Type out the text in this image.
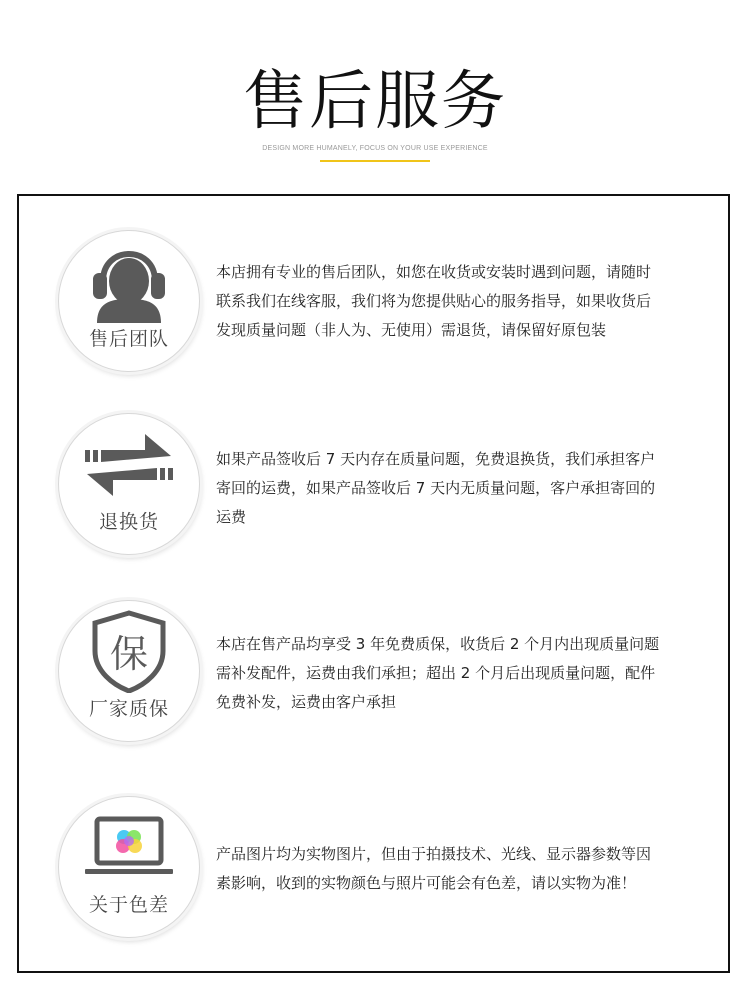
售后服务
DESIGN MORE HUMANELY, FOCUS ON YOUR USE EXPERIENCE
售后团队
本店拥有专业的售后团队，如您在收货或安装时遇到问题，请随时
联系我们在线客服，我们将为您提供贴心的服务指导，如果收货后
发现质量问题（非人为、无使用）需退货，请保留好原包装
退换货
如果产品签收后 7 天内存在质量问题，免费退换货，我们承担客户
寄回的运费，如果产品签收后 7 天内无质量问题，客户承担寄回的
运费
保
厂家质保
本店在售产品均享受 3 年免费质保，收货后 2 个月内出现质量问题
需补发配件，运费由我们承担；超出 2 个月后出现质量问题，配件
免费补发，运费由客户承担
关于色差
产品图片均为实物图片，但由于拍摄技术、光线、显示器参数等因
素影响，收到的实物颜色与照片可能会有色差，请以实物为准！
